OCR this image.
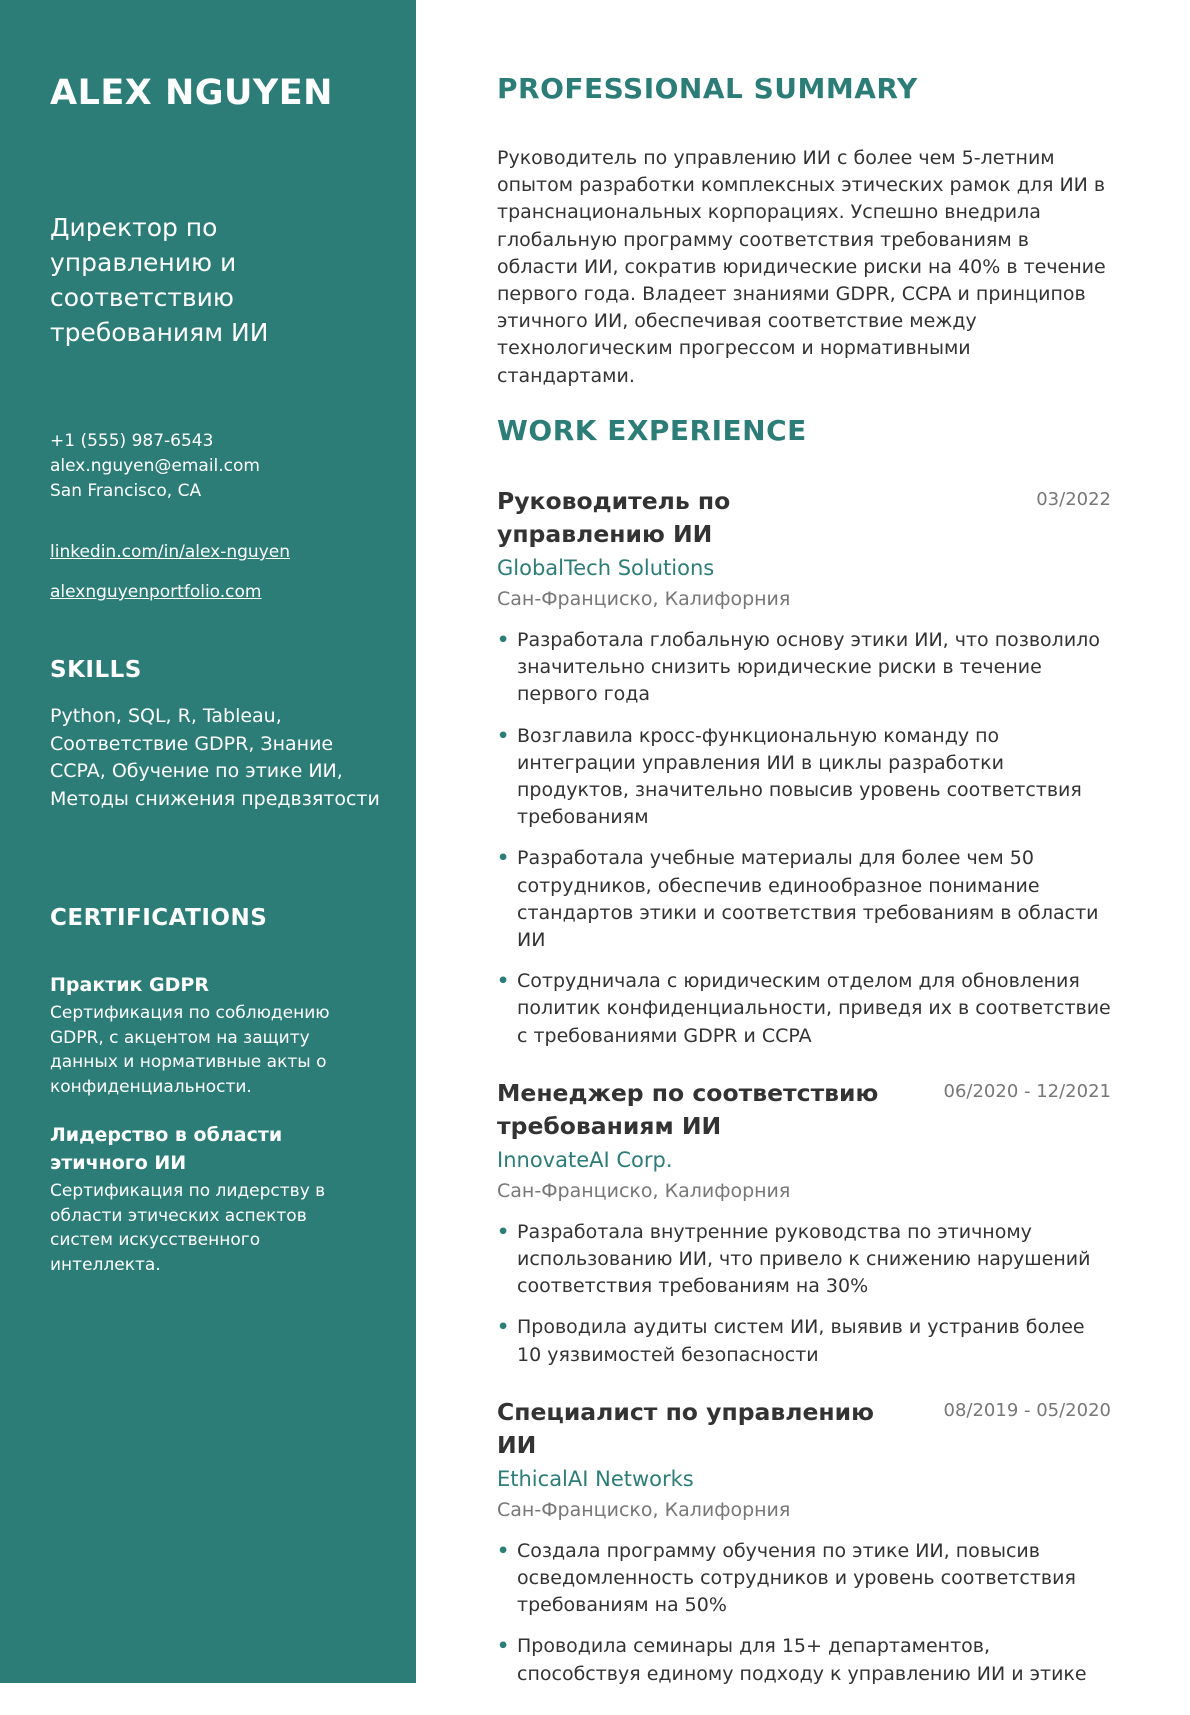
ALEX NGUYEN
Директор по управлению и соответствию требованиям ИИ
+1 (555) 987-6543
alex.nguyen@email.com
San Francisco, CA
linkedin.com/in/alex-nguyen
alexnguyenportfolio.com
SKILLS

Python, SQL, R, Tableau, Соответствие GDPR, Знание CCPA, Обучение по этике ИИ, Методы снижения предвзятости

CERTIFICATIONS

Практик GDPR

Сертификация по соблюдению GDPR, с акцентом на защиту данных и нормативные акты о конфиденциальности.

Лидерство в области этичного ИИ

Сертификация по лидерству в области этических аспектов систем искусственного интеллекта.

PROFESSIONAL SUMMARY

Руководитель по управлению ИИ с более чем 5-летним опытом разработки комплексных этических рамок для ИИ в транснациональных корпорациях. Успешно внедрила глобальную программу соответствия требованиям в области ИИ, сократив юридические риски на 40% в течение первого года. Владеет знаниями GDPR, CCPA и принципов этичного ИИ, обеспечивая соответствие между технологическим прогрессом и нормативными стандартами.

WORK EXPERIENCE
Руководитель по управлению ИИ
03/2022
GlobalTech Solutions
Сан-Франциско, Калифорния
• Разработала глобальную основу этики ИИ, что позволило значительно снизить юридические риски в течение первого года
• Возглавила кросс-функциональную команду по интеграции управления ИИ в циклы разработки продуктов, значительно повысив уровень соответствия требованиям
• Разработала учебные материалы для более чем 50 сотрудников, обеспечив единообразное понимание стандартов этики и соответствия требованиям в области ИИ
• Сотрудничала с юридическим отделом для обновления политик конфиденциальности, приведя их в соответствие с требованиями GDPR и CCPA
Менеджер по соответствию требованиям ИИ
06/2020 - 12/2021
InnovateAI Corp.
Сан-Франциско, Калифорния
• Разработала внутренние руководства по этичному использованию ИИ, что привело к снижению нарушений соответствия требованиям на 30%
• Проводила аудиты систем ИИ, выявив и устранив более 10 уязвимостей безопасности
Специалист по управлению ИИ
08/2019 - 05/2020
EthicalAI Networks
Сан-Франциско, Калифорния
• Создала программу обучения по этике ИИ, повысив осведомленность сотрудников и уровень соответствия требованиям на 50%
• Проводила семинары для 15+ департаментов, способствуя единому подходу к управлению ИИ и этике
